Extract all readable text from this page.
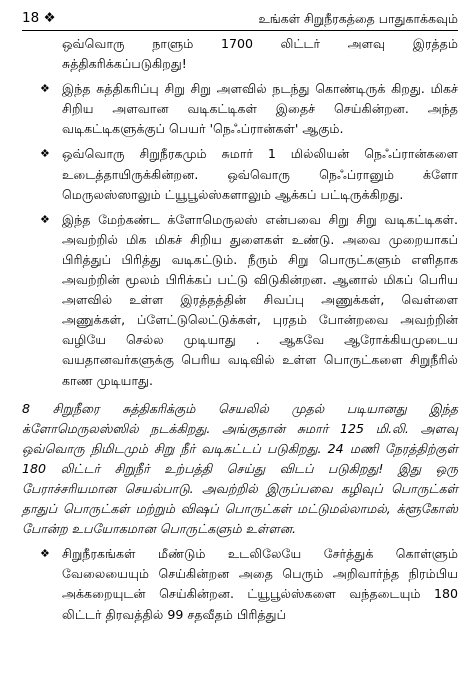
18 ❖	உங்கள் சிறுநீரகத்தை பாதுகாக்கவும்

ஒவ்வொரு நாளும் 1700 லிட்டர் அளவு இரத்தம் சுத்திகரிக்கப்படுகிறது!

❖ இந்த சுத்திகரிப்பு சிறு சிறு அளவில் நடந்து கொண்டிருக் கிறது. மிகச் சிறிய அளவான வடிகட்டிகள் இதைச் செய்கின்றன. அந்த வடிகட்டிகளுக்குப் பெயர் 'நெஃப்ரான்கள்' ஆகும்.
❖ ஒவ்வொரு சிறுநீரகமும் சுமார் 1 மில்லியன் நெஃப்ரான்களை உடைத்தாயிருக்கின்றன. ஒவ்வொரு நெஃப்ரானும் க்ளோ மெருலஸ்ஸாலும் ட்யூபூல்ஸ்களாலும் ஆக்கப் பட்டிருக்கிறது.
❖ இந்த மேற்கண்ட க்ளோமெருலஸ் என்பவை சிறு சிறு வடிகட்டிகள். அவற்றில் மிக மிகச் சிறிய துளைகள் உண்டு. அவை முறையாகப் பிரித்துப் பிரித்து வடிகட்டும். நீரும் சிறு பொருட்களும் எளிதாக அவற்றின் மூலம் பிரிக்கப் பட்டு விடுகின்றன. ஆனால் மிகப் பெரிய அளவில் உள்ள இரத்தத்தின் சிவப்பு அணுக்கள், வெள்ளை அணுக்கள், ப்ளேட்டுலெட்டுக்கள், புரதம் போன்றவை அவற்றின் வழியே செல்ல முடியாது . ஆகவே ஆரோக்கியமுடைய வயதானவர்களுக்கு பெரிய வடிவில் உள்ள பொருட்களை சிறுநீரில் காண முடியாது.

8 சிறுநீரை சுத்திகரிக்கும் செயலில் முதல் படியானது இந்த க்ளோமெருலஸ்ஸில் நடக்கிறது. அங்குதான் சுமார் 125 மி.லி. அளவு ஒவ்வொரு நிமிடமும் சிறு நீர் வடிகட்டப் படுகிறது. 24 மணி நேரத்திற்குள் 180 லிட்டர் சிறுநீர் உற்பத்தி செய்து விடப் படுகிறது! இது ஒரு பேராச்சரியமான செயல்பாடு. அவற்றில் இருப்பவை கழிவுப் பொருட்கள் தாதுப் பொருட்கள் மற்றும் விஷப் பொருட்கள் மட்டுமல்லாமல், க்ளூகோஸ் போன்ற உபயோகமான பொருட்களும் உள்ளன.

❖ சிறுநீரகங்கள் மீண்டும் உடலிலேயே சேர்த்துக் கொள்ளும் வேலையையும் செய்கின்றன அதை பெரும் அறிவார்ந்த நிரம்பிய அக்கறையுடன் செய்கின்றன. ட்யூபூல்ஸ்களை வந்தடையும் 180 லிட்டர் திரவத்தில் 99 சதவீதம் பிரித்துப்
